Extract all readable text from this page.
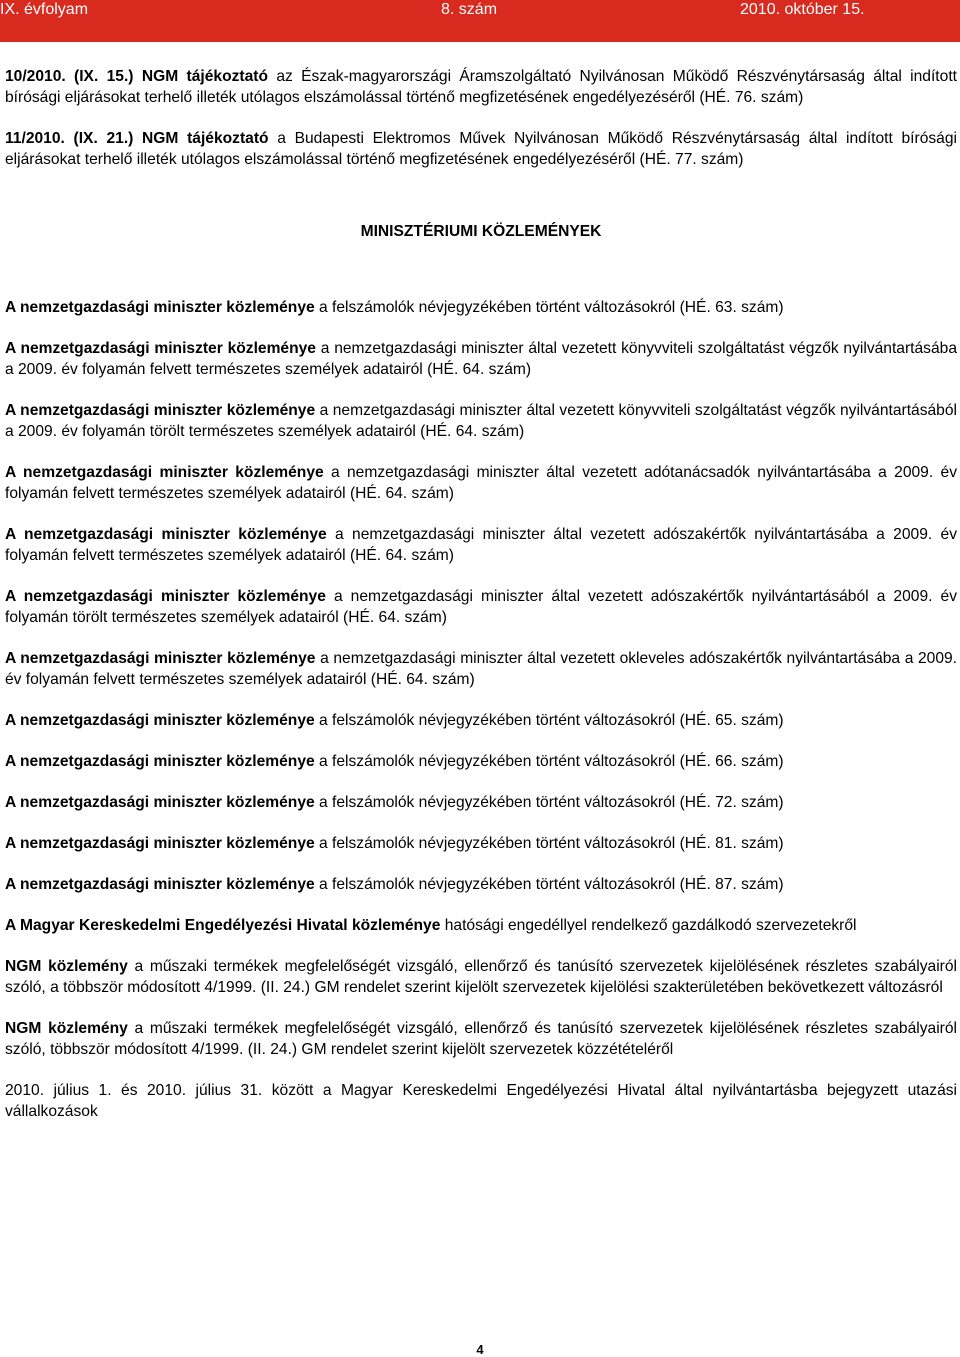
IX. évfolyam	8. szám	2010. október 15.

10/2010. (IX. 15.) NGM tájékoztató az Észak-magyarországi Áramszolgáltató Nyilvánosan Működő Részvénytársaság által indított bírósági eljárásokat terhelő illeték utólagos elszámolással történő megfizetésének engedélyezéséről (HÉ. 76. szám)

11/2010. (IX. 21.) NGM tájékoztató a Budapesti Elektromos Művek Nyilvánosan Működő Részvénytársaság által indított bírósági eljárásokat terhelő illeték utólagos elszámolással történő megfizetésének engedélyezéséről (HÉ. 77. szám)

MINISZTÉRIUMI KÖZLEMÉNYEK

A nemzetgazdasági miniszter közleménye a felszámolók névjegyzékében történt változásokról (HÉ. 63. szám)

A nemzetgazdasági miniszter közleménye a nemzetgazdasági miniszter által vezetett könyvviteli szolgáltatást végzők nyilvántartásába a 2009. év folyamán felvett természetes személyek adatairól (HÉ. 64. szám)

A nemzetgazdasági miniszter közleménye a nemzetgazdasági miniszter által vezetett könyvviteli szolgáltatást végzők nyilvántartásából a 2009. év folyamán törölt természetes személyek adatairól (HÉ. 64. szám)

A nemzetgazdasági miniszter közleménye a nemzetgazdasági miniszter által vezetett adótanácsadók nyilvántartásába a 2009. év folyamán felvett természetes személyek adatairól (HÉ. 64. szám)

A nemzetgazdasági miniszter közleménye a nemzetgazdasági miniszter által vezetett adószakértők nyilvántartásába a 2009. év folyamán felvett természetes személyek adatairól (HÉ. 64. szám)

A nemzetgazdasági miniszter közleménye a nemzetgazdasági miniszter által vezetett adószakértők nyilvántartásából a 2009. év folyamán törölt természetes személyek adatairól (HÉ. 64. szám)

A nemzetgazdasági miniszter közleménye a nemzetgazdasági miniszter által vezetett okleveles adószakértők nyilvántartásába a 2009. év folyamán felvett természetes személyek adatairól (HÉ. 64. szám)

A nemzetgazdasági miniszter közleménye a felszámolók névjegyzékében történt változásokról (HÉ. 65. szám)

A nemzetgazdasági miniszter közleménye a felszámolók névjegyzékében történt változásokról (HÉ. 66. szám)

A nemzetgazdasági miniszter közleménye a felszámolók névjegyzékében történt változásokról (HÉ. 72. szám)

A nemzetgazdasági miniszter közleménye a felszámolók névjegyzékében történt változásokról (HÉ. 81. szám)

A nemzetgazdasági miniszter közleménye a felszámolók névjegyzékében történt változásokról (HÉ. 87. szám)

A Magyar Kereskedelmi Engedélyezési Hivatal közleménye hatósági engedéllyel rendelkező gazdálkodó szervezetekről

NGM közlemény a műszaki termékek megfelelőségét vizsgáló, ellenőrző és tanúsító szervezetek kijelölésének részletes szabályairól szóló, a többször módosított 4/1999. (II. 24.) GM rendelet szerint kijelölt szervezetek kijelölési szakterületében bekövetkezett változásról

NGM közlemény a műszaki termékek megfelelőségét vizsgáló, ellenőrző és tanúsító szervezetek kijelölésének részletes szabályairól szóló, többször módosított 4/1999. (II. 24.) GM rendelet szerint kijelölt szervezetek közzétételéről

2010. július 1. és 2010. július 31. között a Magyar Kereskedelmi Engedélyezési Hivatal által nyilvántartásba bejegyzett utazási vállalkozások

4
